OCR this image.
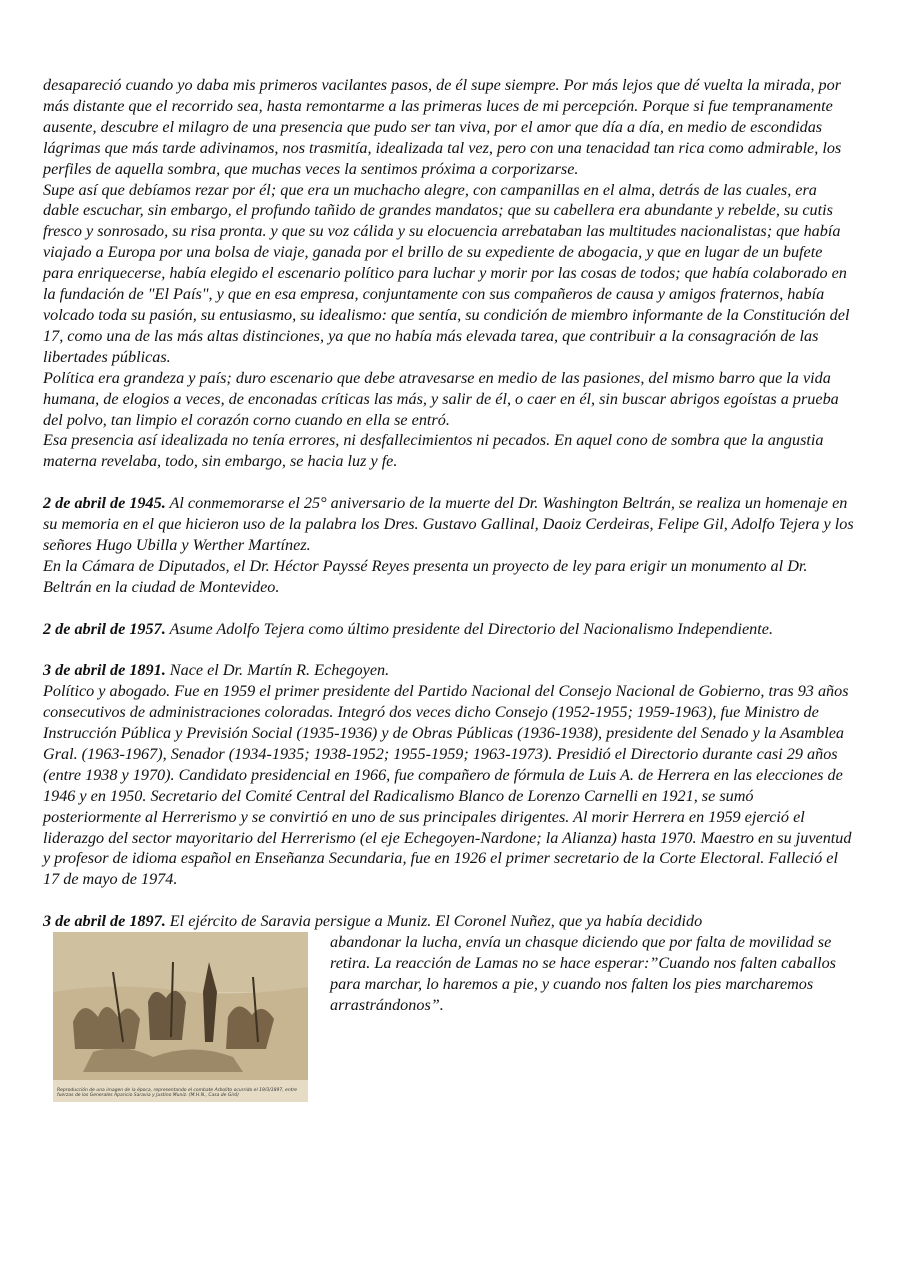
desapareció cuando yo daba mis primeros vacilantes pasos, de él supe siempre. Por más lejos que dé vuelta la mirada, por más distante que el recorrido sea, hasta remontarme a las primeras luces de mi percepción. Porque si fue tempranamente ausente, descubre el milagro de una presencia que pudo ser tan viva, por el amor que día a día, en medio de escondidas lágrimas que más tarde adivinamos, nos trasmitía, idealizada tal vez, pero con una tenacidad tan rica como admirable, los perfiles de aquella sombra, que muchas veces la sentimos próxima a corporizarse.

Supe así que debíamos rezar por él; que era un muchacho alegre, con campanillas en el alma, detrás de las cuales, era dable escuchar, sin embargo, el profundo tañido de grandes mandatos; que su cabellera era abundante y rebelde, su cutis fresco y sonrosado, su risa pronta. y que su voz cálida y su elocuencia arrebataban las multitudes nacionalistas; que había viajado a Europa por una bolsa de viaje, ganada por el brillo de su expediente de abogacia, y que en lugar de un bufete para enriquecerse, había elegido el escenario político para luchar y morir por las cosas de todos; que había colaborado en la fundación de "El País", y que en esa empresa, conjuntamente con sus compañeros de causa y amigos fraternos, había volcado toda su pasión, su entusiasmo, su idealismo: que sentía, su condición de miembro informante de la Constitución del 17, como una de las más altas distinciones, ya que no había más elevada tarea, que contribuir a la consagración de las libertades públicas.

Política era grandeza y país; duro escenario que debe atravesarse en medio de las pasiones, del mismo barro que la vida humana, de elogios a veces, de enconadas críticas las más, y salir de él, o caer en él, sin buscar abrigos egoístas a prueba del polvo, tan limpio el corazón corno cuando en ella se entró.

Esa presencia así idealizada no tenía errores, ni desfallecimientos ni pecados. En aquel cono de sombra que la angustia materna revelaba, todo, sin embargo, se hacia luz y fe.

2 de abril de 1945. Al conmemorarse el 25° aniversario de la muerte del Dr. Washington Beltrán, se realiza un homenaje en su memoria en el que hicieron uso de la palabra los Dres. Gustavo Gallinal, Daoiz Cerdeiras, Felipe Gil, Adolfo Tejera y los señores Hugo Ubilla y Werther Martínez.

En la Cámara de Diputados, el Dr. Héctor Payssé Reyes presenta un proyecto de ley para erigir un monumento al Dr. Beltrán en la ciudad de Montevideo.

2 de abril de 1957. Asume Adolfo Tejera como último presidente del Directorio del Nacionalismo Independiente.

3 de abril de 1891. Nace el Dr. Martín R. Echegoyen.

Político y abogado. Fue en 1959 el primer presidente del Partido Nacional del Consejo Nacional de Gobierno, tras 93 años consecutivos de administraciones coloradas. Integró dos veces dicho Consejo (1952-1955; 1959-1963), fue Ministro de Instrucción Pública y Previsión Social (1935-1936) y de Obras Públicas (1936-1938), presidente del Senado y la Asamblea Gral. (1963-1967), Senador (1934-1935; 1938-1952; 1955-1959; 1963-1973). Presidió el Directorio durante casi 29 años (entre 1938 y 1970). Candidato presidencial en 1966, fue compañero de fórmula de Luis A. de Herrera en las elecciones de 1946 y en 1950. Secretario del Comité Central del Radicalismo Blanco de Lorenzo Carnelli en 1921, se sumó posteriormente al Herrerismo y se convirtió en uno de sus principales dirigentes. Al morir Herrera en 1959 ejerció el liderazgo del sector mayoritario del Herrerismo (el eje Echegoyen-Nardone; la Alianza) hasta 1970. Maestro en su juventud y profesor de idioma español en Enseñanza Secundaria, fue en 1926 el primer secretario de la Corte Electoral. Falleció el 17 de mayo de 1974.

3 de abril de 1897. El ejército de Saravia persigue a Muniz. El Coronel Nuñez, que ya había decidido

Reproducción de una imagen de la época, representando el combate Arbolito ocurrido el 19/3/1897, entre fuerzas de los Generales Aparicio Saravia y Justino Muniz. (M.H.N., Casa de Giró)

abandonar la lucha, envía un chasque diciendo que por falta de movilidad se retira. La reacción de Lamas no se hace esperar:”Cuando nos falten caballos para marchar, lo haremos a pie, y cuando nos falten los pies marcharemos arrastrándonos”.
